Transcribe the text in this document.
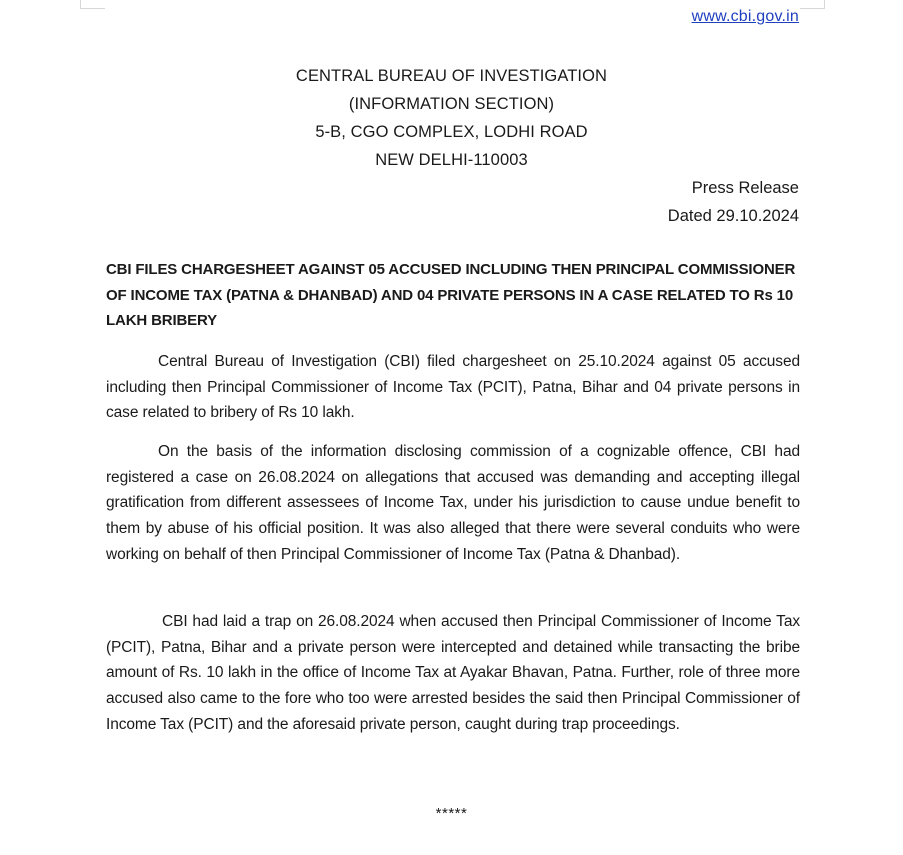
www.cbi.gov.in
CENTRAL BUREAU OF INVESTIGATION
(INFORMATION SECTION)
5-B, CGO COMPLEX, LODHI ROAD
NEW DELHI-110003
Press Release
Dated 29.10.2024
CBI FILES CHARGESHEET AGAINST 05 ACCUSED INCLUDING THEN PRINCIPAL COMMISSIONER OF INCOME TAX (PATNA & DHANBAD) AND 04 PRIVATE PERSONS IN A CASE RELATED TO Rs 10 LAKH BRIBERY
Central Bureau of Investigation (CBI) filed chargesheet on 25.10.2024 against 05 accused including then Principal Commissioner of Income Tax (PCIT), Patna, Bihar and 04 private persons in case related to bribery of Rs 10 lakh.
On the basis of the information disclosing commission of a cognizable offence, CBI had registered a case on 26.08.2024 on allegations that accused was demanding and accepting illegal gratification from different assessees of Income Tax, under his jurisdiction to cause undue benefit to them by abuse of his official position. It was also alleged that there were several conduits who were working on behalf of then Principal Commissioner of Income Tax (Patna & Dhanbad).
CBI had laid a trap on 26.08.2024 when accused then Principal Commissioner of Income Tax (PCIT), Patna, Bihar and a private person were intercepted and detained while transacting the bribe amount of Rs. 10 lakh in the office of Income Tax at Ayakar Bhavan, Patna. Further, role of three more accused also came to the fore who too were arrested besides the said then Principal Commissioner of Income Tax (PCIT) and the aforesaid private person, caught during trap proceedings.
*****
